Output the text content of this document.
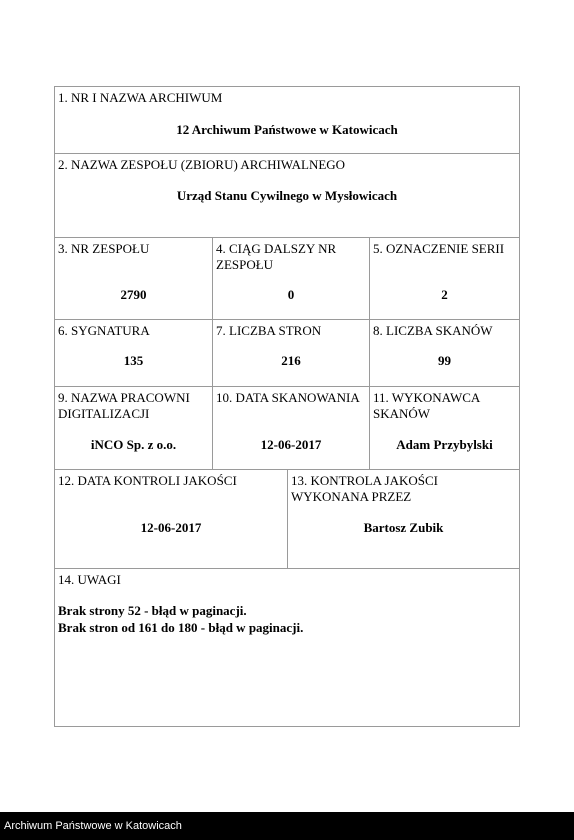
1. NR I NAZWA ARCHIWUM
12 Archiwum Państwowe w Katowicach
2. NAZWA ZESPOŁU (ZBIORU) ARCHIWALNEGO
Urząd Stanu Cywilnego w Mysłowicach
3. NR ZESPOŁU
2790
4. CIĄG DALSZY NR ZESPOŁU
0
5. OZNACZENIE SERII
2
6. SYGNATURA
135
7. LICZBA STRON
216
8. LICZBA SKANÓW
99
9. NAZWA PRACOWNI DIGITALIZACJI
iNCO Sp. z o.o.
10. DATA SKANOWANIA
12-06-2017
11. WYKONAWCA SKANÓW
Adam Przybylski
12. DATA KONTROLI JAKOŚCI
12-06-2017
13. KONTROLA JAKOŚCI WYKONANA PRZEZ
Bartosz Zubik
14. UWAGI
Brak strony 52 - błąd w paginacji.
Brak stron od 161 do 180 - błąd w paginacji.
Archiwum Państwowe w Katowicach
